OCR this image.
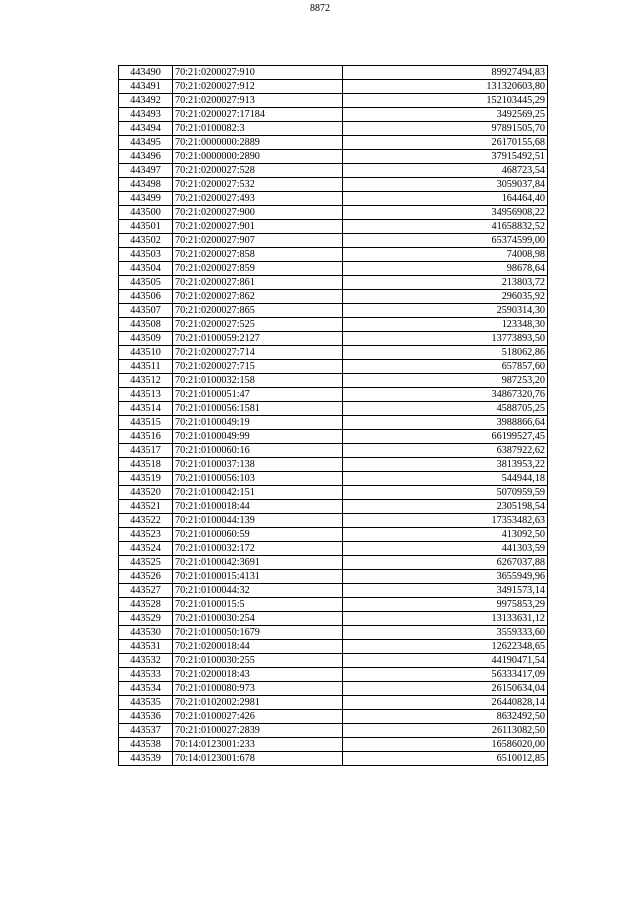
8872
443490	70:21:0200027:910	89927494,83
443491	70:21:0200027:912	131320603,80
443492	70:21:0200027:913	152103445,29
443493	70:21:0200027:17184	3492569,25
443494	70:21:0100082:3	97891505,70
443495	70:21:0000000:2889	26170155,68
443496	70:21:0000000:2890	37915492,51
443497	70:21:0200027:528	468723,54
443498	70:21:0200027:532	3059037,84
443499	70:21:0200027:493	164464,40
443500	70:21:0200027:900	34956908,22
443501	70:21:0200027:901	41658832,52
443502	70:21:0200027:907	65374599,00
443503	70:21:0200027:858	74008,98
443504	70:21:0200027:859	98678,64
443505	70:21:0200027:861	213803,72
443506	70:21:0200027:862	296035,92
443507	70:21:0200027:865	2590314,30
443508	70:21:0200027:525	123348,30
443509	70:21:0100059:2127	13773893,50
443510	70:21:0200027:714	518062,86
443511	70:21:0200027:715	657857,60
443512	70:21:0100032:158	987253,20
443513	70:21:0100051:47	34867320,76
443514	70:21:0100056:1581	4588705,25
443515	70:21:0100049:19	3988866,64
443516	70:21:0100049:99	66199527,45
443517	70:21:0100060:16	6387922,62
443518	70:21:0100037:138	3813953,22
443519	70:21:0100056:103	544944,18
443520	70:21:0100042:151	5070959,59
443521	70:21:0100018:44	2305198,54
443522	70:21:0100044:139	17353482,63
443523	70:21:0100060:59	413092,50
443524	70:21:0100032:172	441303,59
443525	70:21:0100042:3691	6267037,88
443526	70:21:0100015:4131	3655949,96
443527	70:21:0100044:32	3491573,14
443528	70:21:0100015:5	9975853,29
443529	70:21:0100030:254	13133631,12
443530	70:21:0100050:1679	3559333,60
443531	70:21:0200018:44	12622348,65
443532	70:21:0100030:255	44190471,54
443533	70:21:0200018:43	56333417,09
443534	70:21:0100080:973	26150634,04
443535	70:21:0102002:2981	26440828,14
443536	70:21:0100027:426	8632492,50
443537	70:21:0100027:2839	26113082,50
443538	70:14:0123001:233	16586020,00
443539	70:14:0123001:678	6510012,85
